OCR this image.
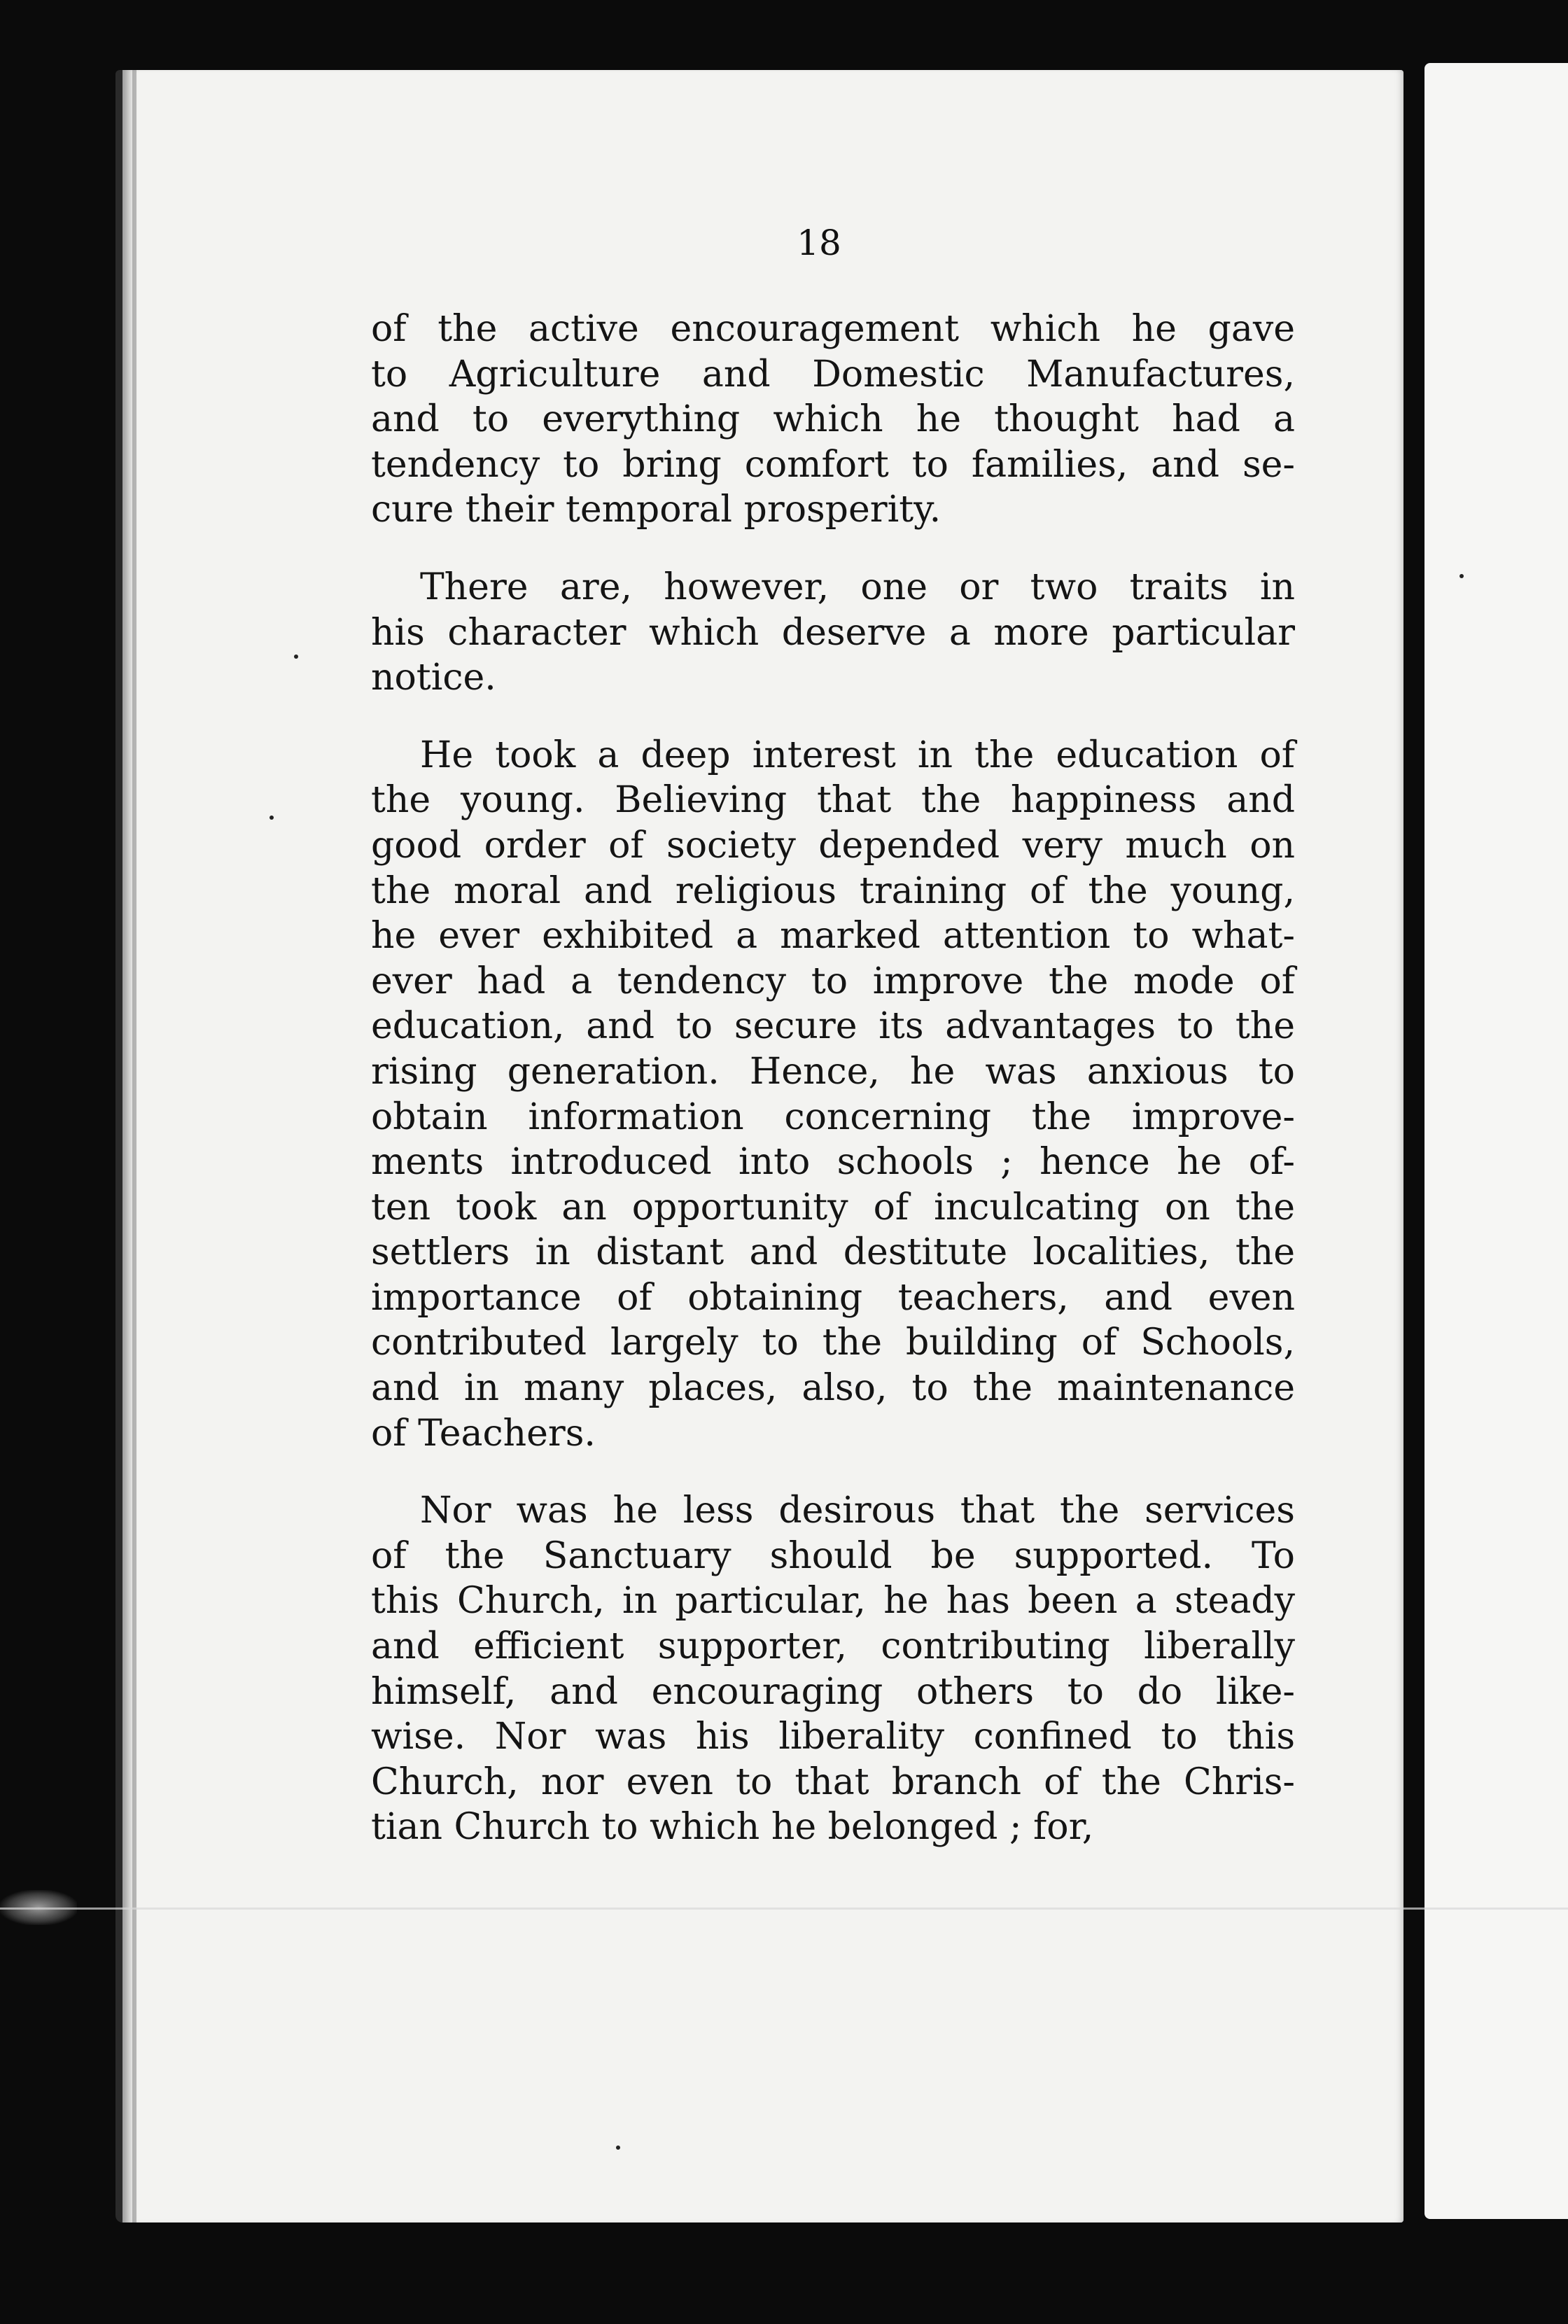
18
of the active encouragement which he gave
to Agriculture and Domestic Manufactures,
and to everything which he thought had a
tendency to bring comfort to families, and se-
cure their temporal prosperity.
There are, however, one or two traits in
his character which deserve a more particular
notice.
He took a deep interest in the education of
the young. Believing that the happiness and
good order of society depended very much on
the moral and religious training of the young,
he ever exhibited a marked attention to what-
ever had a tendency to improve the mode of
education, and to secure its advantages to the
rising generation. Hence, he was anxious to
obtain information concerning the improve-
ments introduced into schools ; hence he of-
ten took an opportunity of inculcating on the
settlers in distant and destitute localities, the
importance of obtaining teachers, and even
contributed largely to the building of Schools,
and in many places, also, to the maintenance
of Teachers.
Nor was he less desirous that the services
of the Sanctuary should be supported. To
this Church, in particular, he has been a steady
and efficient supporter, contributing liberally
himself, and encouraging others to do like-
wise. Nor was his liberality confined to this
Church, nor even to that branch of the Chris-
tian Church to which he belonged ; for,
